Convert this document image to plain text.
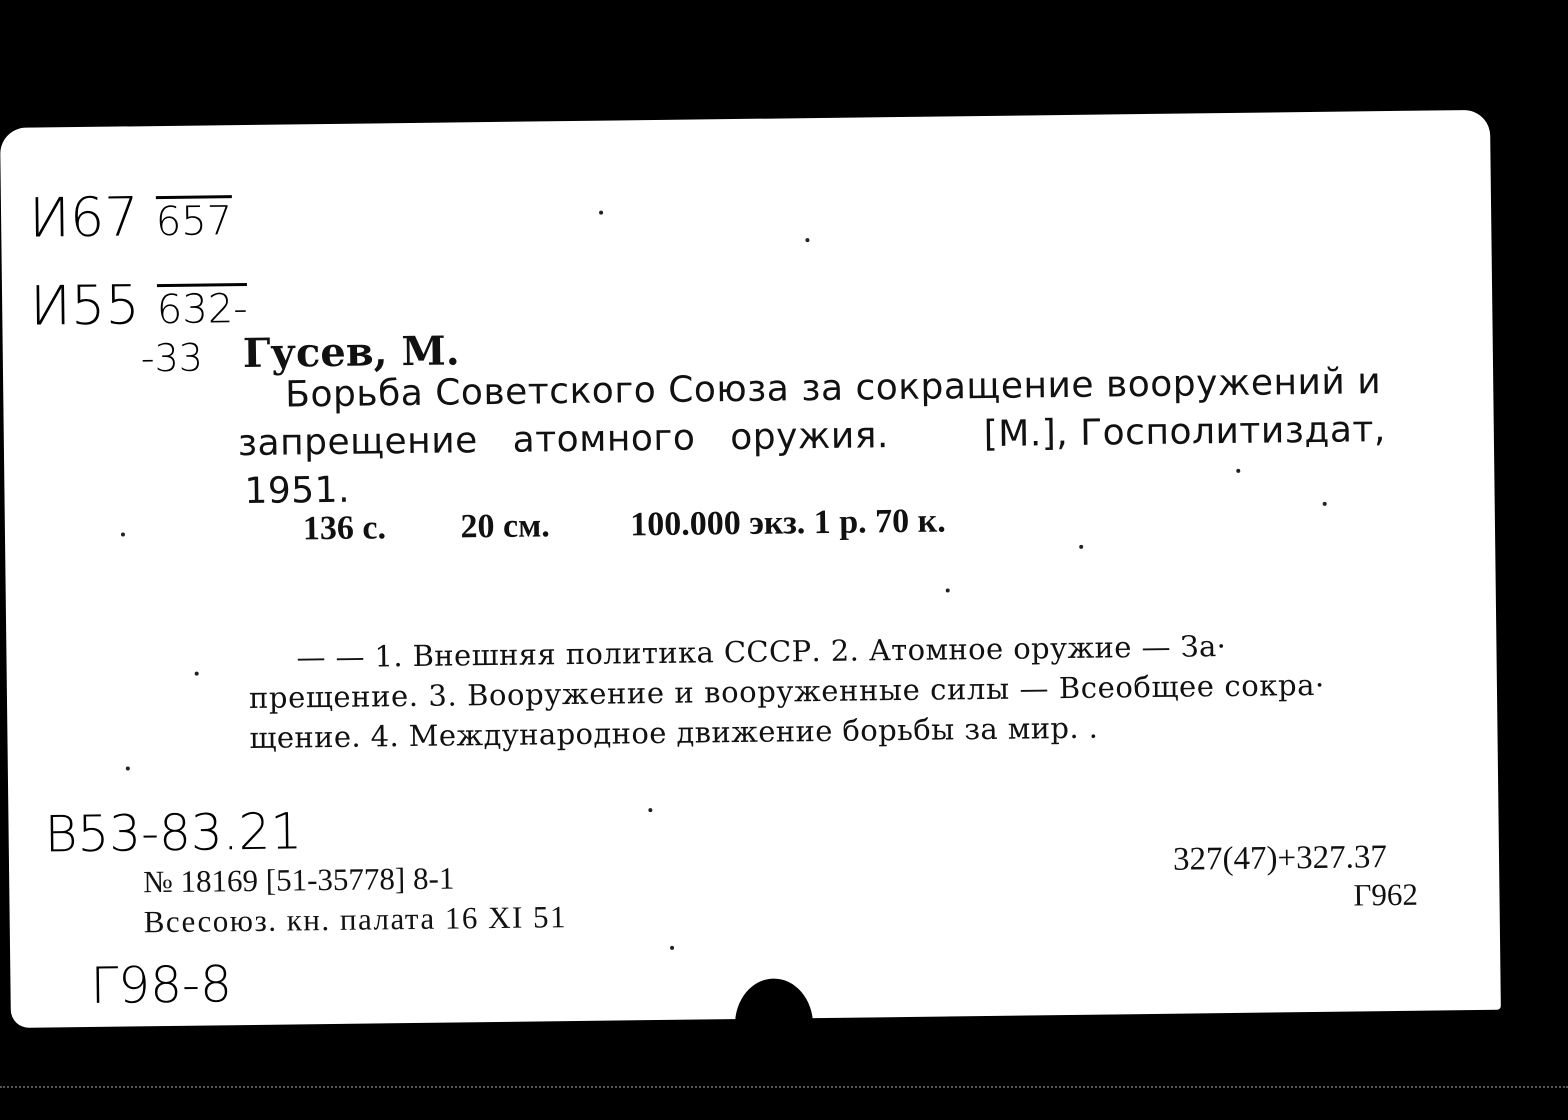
И67 657
И55 632-
-33 Гусев, М.
Борьба Советского Союза за сокращение вооружений и
запрещение атомного оружия.	[М.], Госполитиздат,
1951.
136 с. 20 см. 100.000 экз. 1 р. 70 к.
— — 1. Внешняя политика СССР. 2. Атомное оружие — За·
прещение. 3. Вооружение и вооруженные силы — Всеобщее сокра·
щение. 4. Международное движение борьбы за мир. .
В53-83.21
№ 18169 [51-35778] 8-1
Всесоюз. кн. палата 16 XI 51
Г98-8
327(47)+327.37
Г962
